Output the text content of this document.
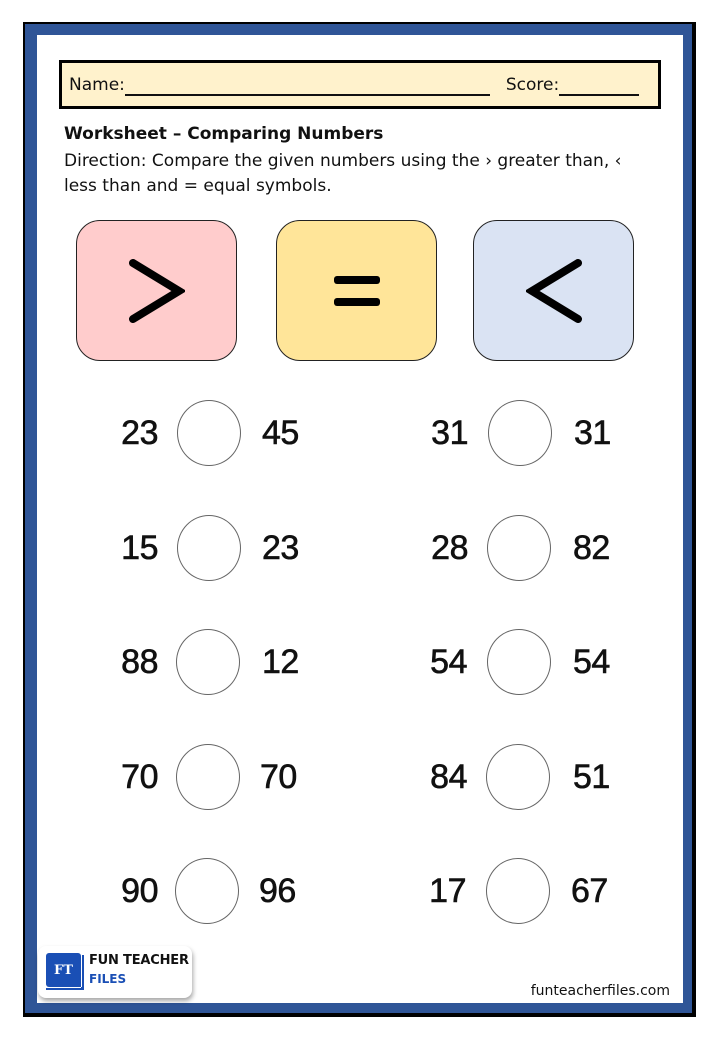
Name:	Score:
Worksheet – Comparing Numbers
Direction: Compare the given numbers using the › greater than, ‹ less than and = equal symbols.
23	45
15	23
88	12
70	70
90	96
31	31
28	82
54	54
84	51
17	67
FT
FUN TEACHER
FILES
funteacherfiles.com
